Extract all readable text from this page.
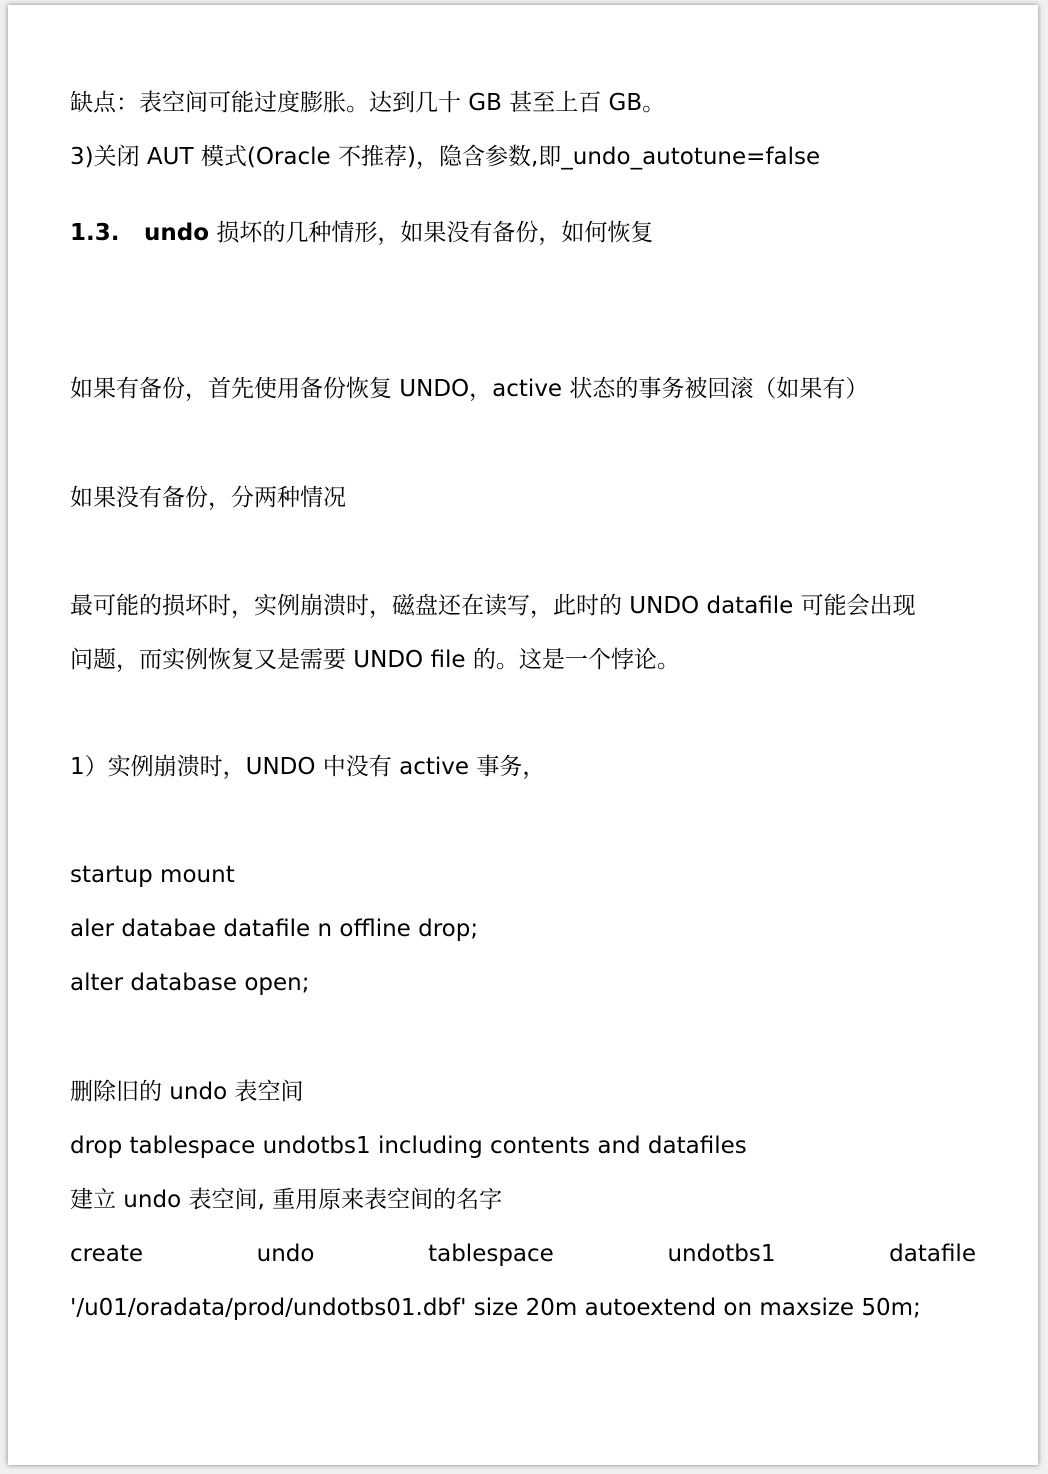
缺点：表空间可能过度膨胀。达到几十 GB 甚至上百 GB。
3)关闭 AUT 模式(Oracle 不推荐)，隐含参数,即_undo_autotune=false
1.3. undo 损坏的几种情形，如果没有备份，如何恢复
如果有备份，首先使用备份恢复 UNDO，active 状态的事务被回滚（如果有）
如果没有备份，分两种情况
最可能的损坏时，实例崩溃时，磁盘还在读写，此时的 UNDO datafile 可能会出现
问题，而实例恢复又是需要 UNDO file 的。这是一个悖论。
1）实例崩溃时，UNDO 中没有 active 事务，
startup mount
aler databae datafile n offline drop;
alter database open;
删除旧的 undo 表空间
drop tablespace undotbs1 including contents and datafiles
建立 undo 表空间, 重用原来表空间的名字
create	undo	tablespace	undotbs1	datafile
'/u01/oradata/prod/undotbs01.dbf' size 20m autoextend on maxsize 50m;
